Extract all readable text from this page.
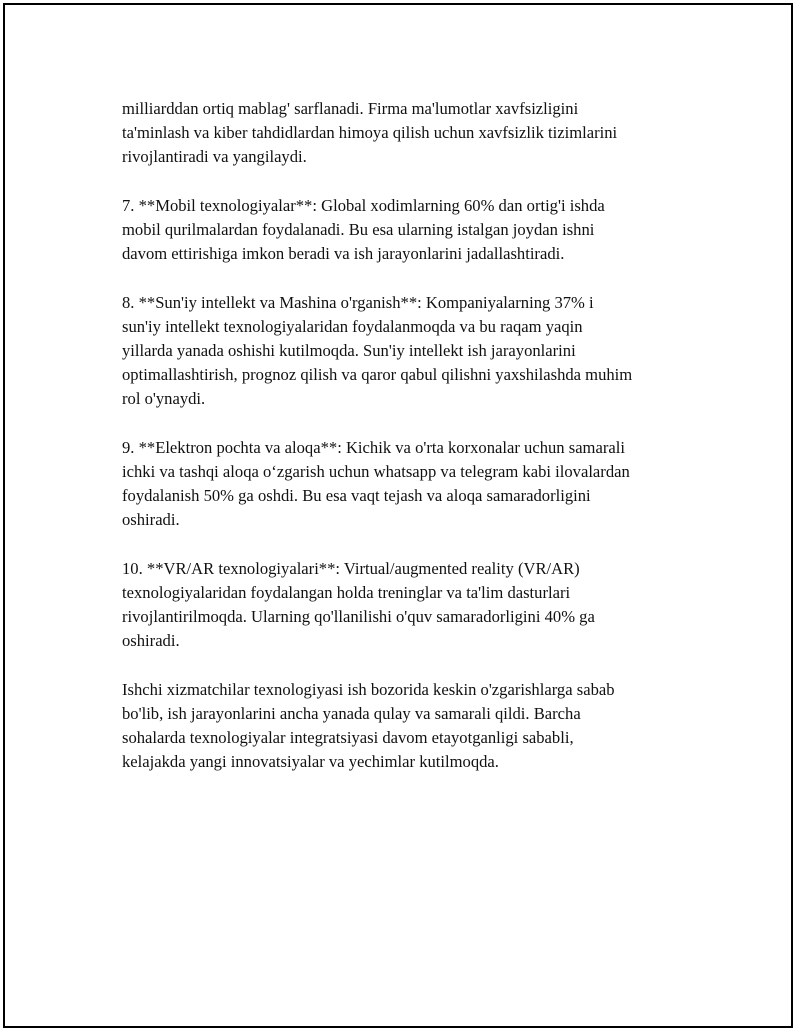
milliarddan ortiq mablag' sarflanadi. Firma ma'lumotlar xavfsizligini
ta'minlash va kiber tahdidlardan himoya qilish uchun xavfsizlik tizimlarini
rivojlantiradi va yangilaydi.

7. **Mobil texnologiyalar**: Global xodimlarning 60% dan ortig'i ishda
mobil qurilmalardan foydalanadi. Bu esa ularning istalgan joydan ishni
davom ettirishiga imkon beradi va ish jarayonlarini jadallashtiradi.

8. **Sun'iy intellekt va Mashina o'rganish**: Kompaniyalarning 37% i
sun'iy intellekt texnologiyalaridan foydalanmoqda va bu raqam yaqin
yillarda yanada oshishi kutilmoqda. Sun'iy intellekt ish jarayonlarini
optimallashtirish, prognoz qilish va qaror qabul qilishni yaxshilashda muhim
rol o'ynaydi.

9. **Elektron pochta va aloqa**: Kichik va o'rta korxonalar uchun samarali
ichki va tashqi aloqa o‘zgarish uchun whatsapp va telegram kabi ilovalardan
foydalanish 50% ga oshdi. Bu esa vaqt tejash va aloqa samaradorligini
oshiradi.

10. **VR/AR texnologiyalari**: Virtual/augmented reality (VR/AR)
texnologiyalaridan foydalangan holda treninglar va ta'lim dasturlari
rivojlantirilmoqda. Ularning qo'llanilishi o'quv samaradorligini 40% ga
oshiradi.

Ishchi xizmatchilar texnologiyasi ish bozorida keskin o'zgarishlarga sabab
bo'lib, ish jarayonlarini ancha yanada qulay va samarali qildi. Barcha
sohalarda texnologiyalar integratsiyasi davom etayotganligi sababli,
kelajakda yangi innovatsiyalar va yechimlar kutilmoqda.
